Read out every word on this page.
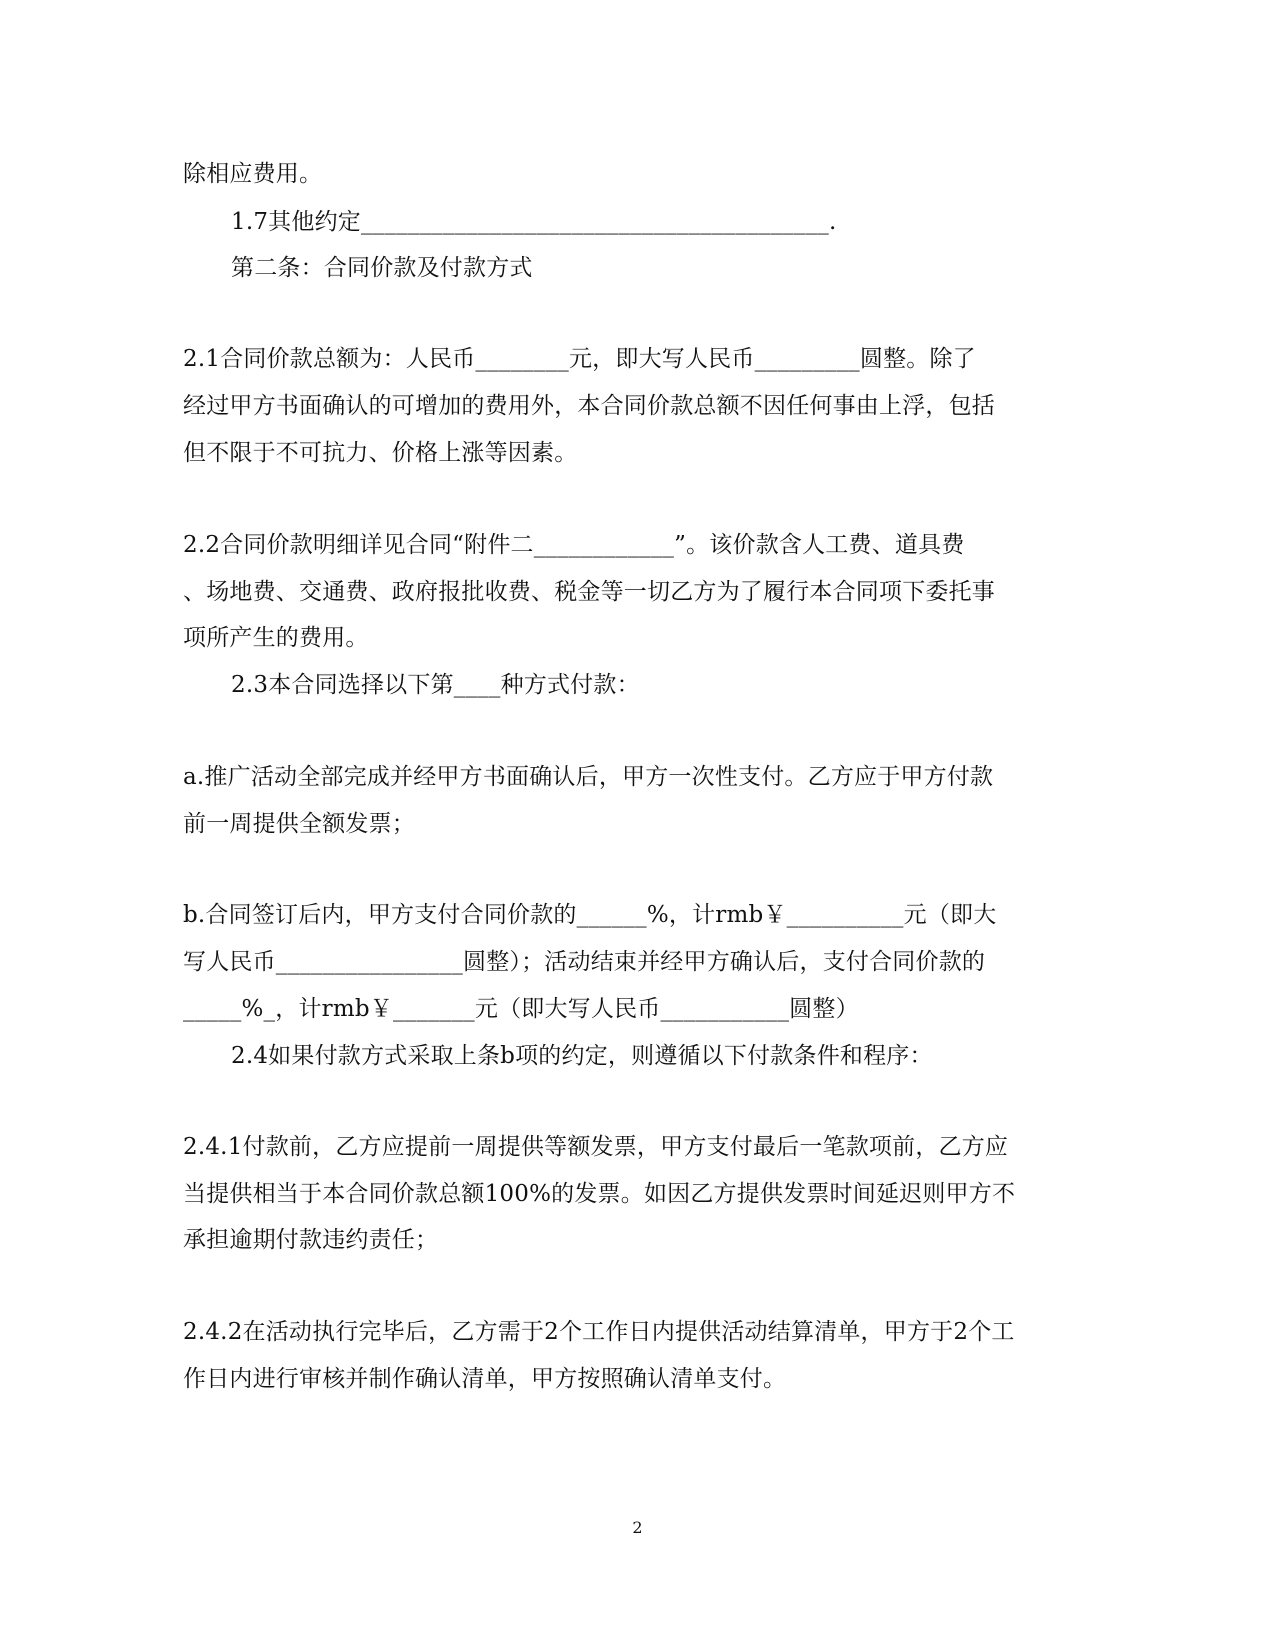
除相应费用。
1.7其他约定________________________________________.
第二条：合同价款及付款方式
2.1合同价款总额为：人民币________元，即大写人民币_________圆整。除了
经过甲方书面确认的可增加的费用外，本合同价款总额不因任何事由上浮，包括
但不限于不可抗力、价格上涨等因素。
2.2合同价款明细详见合同“附件二____________”。该价款含人工费、道具费
、场地费、交通费、政府报批收费、税金等一切乙方为了履行本合同项下委托事
项所产生的费用。
2.3本合同选择以下第____种方式付款：
a.推广活动全部完成并经甲方书面确认后，甲方一次性支付。乙方应于甲方付款
前一周提供全额发票；
b.合同签订后内，甲方支付合同价款的______%，计rmb￥__________元（即大
写人民币________________圆整）；活动结束并经甲方确认后，支付合同价款的
_____%_，计rmb￥_______元（即大写人民币___________圆整）
2.4如果付款方式采取上条b项的约定，则遵循以下付款条件和程序：
2.4.1付款前，乙方应提前一周提供等额发票，甲方支付最后一笔款项前，乙方应
当提供相当于本合同价款总额100%的发票。如因乙方提供发票时间延迟则甲方不
承担逾期付款违约责任；
2.4.2在活动执行完毕后，乙方需于2个工作日内提供活动结算清单，甲方于2个工
作日内进行审核并制作确认清单，甲方按照确认清单支付。
2
